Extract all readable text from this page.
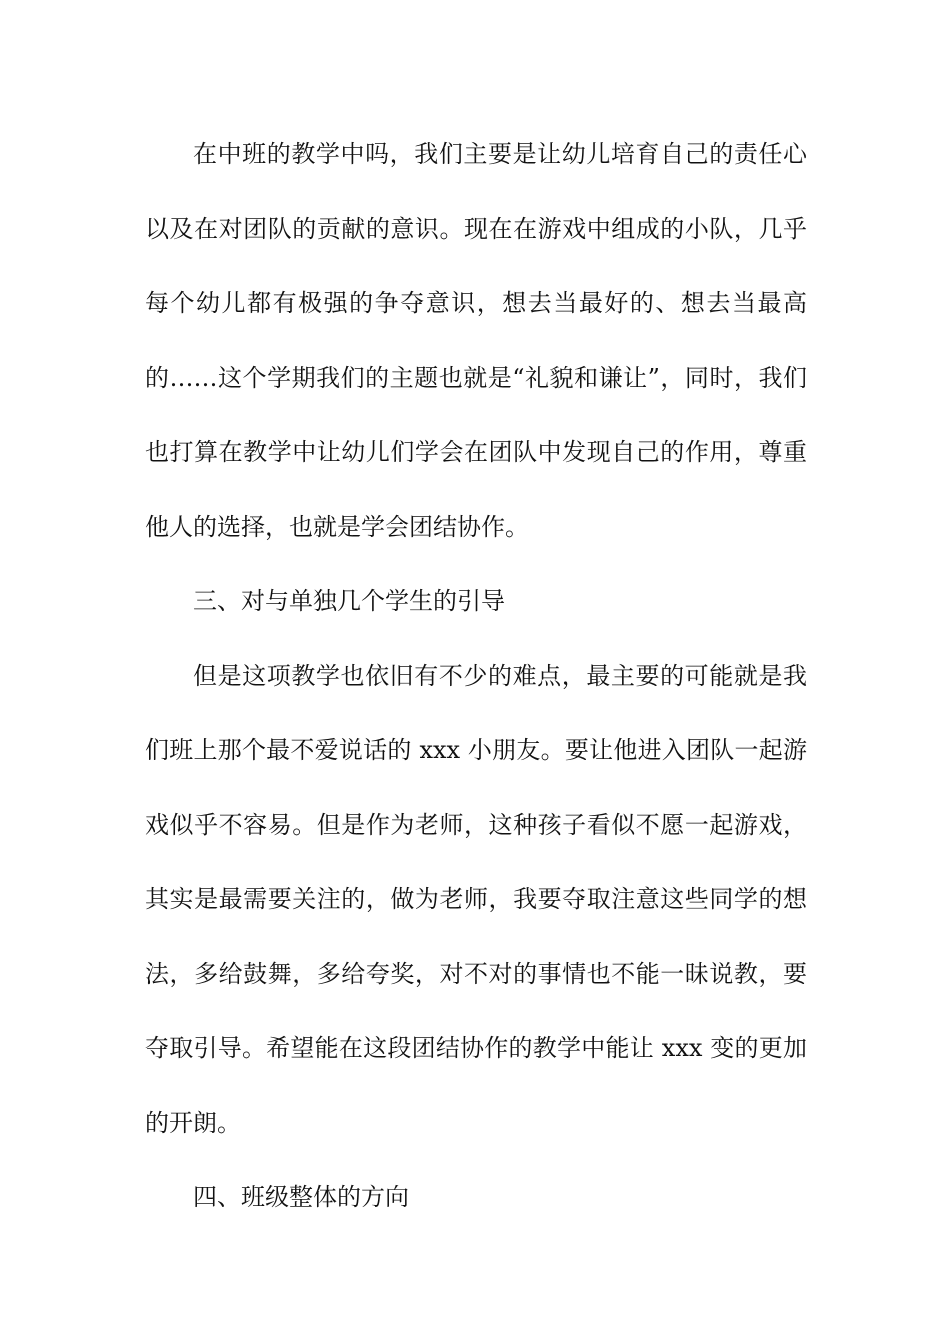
在中班的教学中吗，我们主要是让幼儿培育自己的责任心以及在对团队的贡献的意识。现在在游戏中组成的小队，几乎每个幼儿都有极强的争夺意识，想去当最好的、想去当最高的……这个学期我们的主题也就是“礼貌和谦让”，同时，我们也打算在教学中让幼儿们学会在团队中发现自己的作用，尊重他人的选择，也就是学会团结协作。

三、对与单独几个学生的引导

但是这项教学也依旧有不少的难点，最主要的可能就是我们班上那个最不爱说话的 xxx 小朋友。要让他进入团队一起游戏似乎不容易。但是作为老师，这种孩子看似不愿一起游戏，其实是最需要关注的，做为老师，我要夺取注意这些同学的想法，多给鼓舞，多给夸奖，对不对的事情也不能一昧说教，要夺取引导。希望能在这段团结协作的教学中能让 xxx 变的更加的开朗。

四、班级整体的方向
